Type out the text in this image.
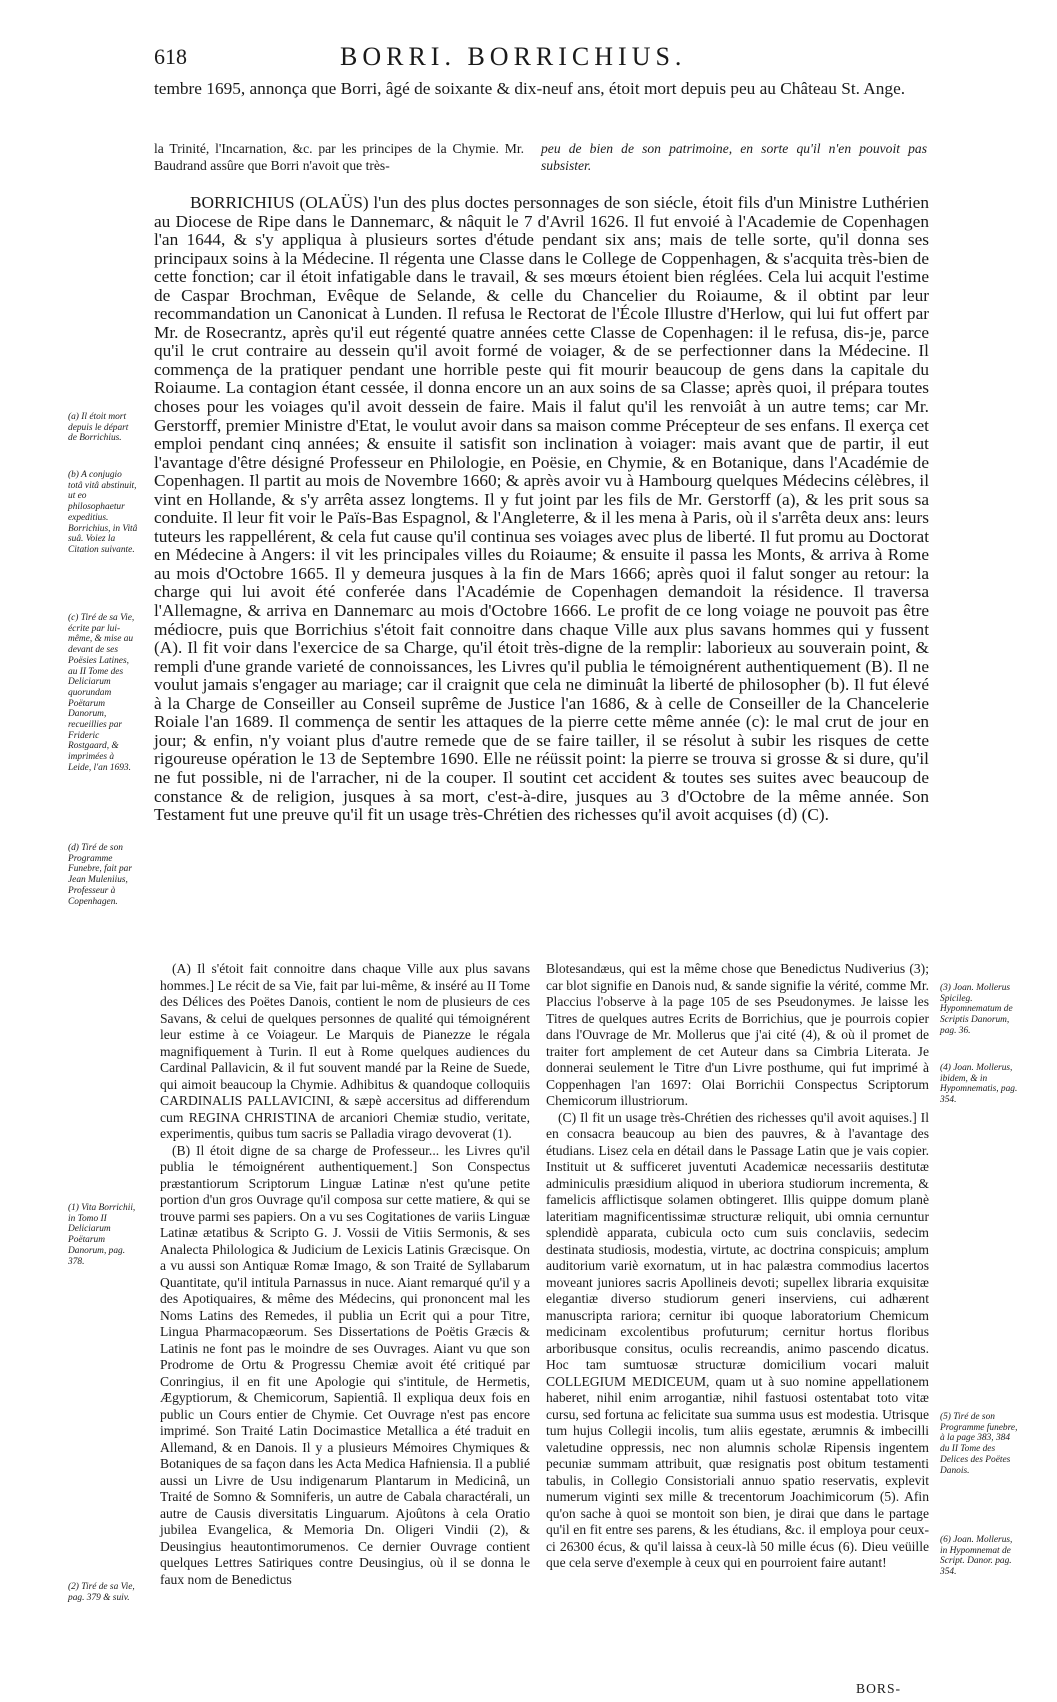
618	BORRI. BORRICHIUS.

tembre 1695, annonça que Borri, âgé de soixante & dix-neuf ans, étoit mort depuis peu au Château St. Ange.

la Trinité, l'Incarnation, &c. par les principes de la Chymie. Mr. Baudrand assûre que Borri n'avoit que très-

peu de bien de son patrimoine, en sorte qu'il n'en pouvoit pas subsister.

BORRICHIUS (OLAÜS) l'un des plus doctes personnages de son siécle, étoit fils d'un Ministre Luthérien au Diocese de Ripe dans le Dannemarc, & nâquit le 7 d'Avril 1626. Il fut envoié à l'Academie de Copenhagen l'an 1644, & s'y appliqua à plusieurs sortes d'étude pendant six ans; mais de telle sorte, qu'il donna ses principaux soins à la Médecine. Il régenta une Classe dans le College de Coppenhagen, & s'acquita très-bien de cette fonction; car il étoit infatigable dans le travail, & ses mœurs étoient bien réglées. Cela lui acquit l'estime de Caspar Brochman, Evêque de Selande, & celle du Chancelier du Roiaume, & il obtint par leur recommandation un Canonicat à Lunden. Il refusa le Rectorat de l'École Illustre d'Herlow, qui lui fut offert par Mr. de Rosecrantz, après qu'il eut régenté quatre années cette Classe de Copenhagen: il le refusa, dis-je, parce qu'il le crut contraire au dessein qu'il avoit formé de voiager, & de se perfectionner dans la Médecine. Il commença de la pratiquer pendant une horrible peste qui fit mourir beaucoup de gens dans la capitale du Roiaume. La contagion étant cessée, il donna encore un an aux soins de sa Classe; après quoi, il prépara toutes choses pour les voiages qu'il avoit dessein de faire. Mais il falut qu'il les renvoiât à un autre tems; car Mr. Gerstorff, premier Ministre d'Etat, le voulut avoir dans sa maison comme Précepteur de ses enfans. Il exerça cet emploi pendant cinq années; & ensuite il satisfit son inclination à voiager: mais avant que de partir, il eut l'avantage d'être désigné Professeur en Philologie, en Poësie, en Chymie, & en Botanique, dans l'Académie de Copenhagen. Il partit au mois de Novembre 1660; & après avoir vu à Hambourg quelques Médecins célèbres, il vint en Hollande, & s'y arrêta assez longtems. Il y fut joint par les fils de Mr. Gerstorff (a), & les prit sous sa conduite. Il leur fit voir le Païs-Bas Espagnol, & l'Angleterre, & il les mena à Paris, où il s'arrêta deux ans: leurs tuteurs les rappellérent, & cela fut cause qu'il continua ses voiages avec plus de liberté. Il fut promu au Doctorat en Médecine à Angers: il vit les principales villes du Roiaume; & ensuite il passa les Monts, & arriva à Rome au mois d'Octobre 1665. Il y demeura jusques à la fin de Mars 1666; après quoi il falut songer au retour: la charge qui lui avoit été conferée dans l'Académie de Copenhagen demandoit la résidence. Il traversa l'Allemagne, & arriva en Dannemarc au mois d'Octobre 1666. Le profit de ce long voiage ne pouvoit pas être médiocre, puis que Borrichius s'étoit fait connoitre dans chaque Ville aux plus savans hommes qui y fussent (A). Il fit voir dans l'exercice de sa Charge, qu'il étoit très-digne de la remplir: laborieux au souverain point, & rempli d'une grande varieté de connoissances, les Livres qu'il publia le témoignérent authentiquement (B). Il ne voulut jamais s'engager au mariage; car il craignit que cela ne diminuât la liberté de philosopher (b). Il fut élevé à la Charge de Conseiller au Conseil suprême de Justice l'an 1686, & à celle de Conseiller de la Chancelerie Roiale l'an 1689. Il commença de sentir les attaques de la pierre cette même année (c): le mal crut de jour en jour; & enfin, n'y voiant plus d'autre remede que de se faire tailler, il se résolut à subir les risques de cette rigoureuse opération le 13 de Septembre 1690. Elle ne réüssit point: la pierre se trouva si grosse & si dure, qu'il ne fut possible, ni de l'arracher, ni de la couper. Il soutint cet accident & toutes ses suites avec beaucoup de constance & de religion, jusques à sa mort, c'est-à-dire, jusques au 3 d'Octobre de la même année. Son Testament fut une preuve qu'il fit un usage très-Chrétien des richesses qu'il avoit acquises (d) (C).

(a) Il étoit mort depuis le départ de Borrichius.
(b) A conjugio totâ vitâ abstinuit, ut eo philosophaetur expeditius. Borrichius, in Vitâ suâ. Voiez la Citation suivante.
(c) Tiré de sa Vie, écrite par lui-même, & mise au devant de ses Poësies Latines, au II Tome des Deliciarum quorundam Poëtarum Danorum, recueillies par Frideric Rostgaard, & imprimées à Leide, l'an 1693.
(d) Tiré de son Programme Funebre, fait par Jean Muleniius, Professeur à Copenhagen.
(1) Vita Borrichii, in Tomo II Deliciarum Poëtarum Danorum, pag. 378.
(2) Tiré de sa Vie, pag. 379 & suiv.
(3) Joan. Mollerus Spicileg. Hypomnematum de Scriptis Danorum, pag. 36.
(4) Joan. Mollerus, ibidem, & in Hypomnematis, pag. 354.
(5) Tiré de son Programme funebre, à la page 383, 384 du II Tome des Delices des Poëtes Danois.
(6) Joan. Mollerus, in Hypomnemat de Script. Danor. pag. 354.

(A) Il s'étoit fait connoitre dans chaque Ville aux plus savans hommes.] Le récit de sa Vie, fait par lui-même, & inséré au II Tome des Délices des Poëtes Danois, contient le nom de plusieurs de ces Savans, & celui de quelques personnes de qualité qui témoignérent leur estime à ce Voiageur. Le Marquis de Pianezze le régala magnifiquement à Turin. Il eut à Rome quelques audiences du Cardinal Pallavicin, & il fut souvent mandé par la Reine de Suede, qui aimoit beaucoup la Chymie. Adhibitus & quandoque colloquiis CARDINALIS PALLAVICINI, & sæpè accersitus ad differendum cum REGINA CHRISTINA de arcaniori Chemiæ studio, veritate, experimentis, quibus tum sacris se Palladia virago devoverat (1).

(B) Il étoit digne de sa charge de Professeur... les Livres qu'il publia le témoignérent authentiquement.] Son Conspectus præstantiorum Scriptorum Linguæ Latinæ n'est qu'une petite portion d'un gros Ouvrage qu'il composa sur cette matiere, & qui se trouve parmi ses papiers. On a vu ses Cogitationes de variis Linguæ Latinæ ætatibus & Scripto G. J. Vossii de Vitiis Sermonis, & ses Analecta Philologica & Judicium de Lexicis Latinis Græcisque. On a vu aussi son Antiquæ Romæ Imago, & son Traité de Syllabarum Quantitate, qu'il intitula Parnassus in nuce. Aiant remarqué qu'il y a des Apotiquaires, & même des Médecins, qui prononcent mal les Noms Latins des Remedes, il publia un Ecrit qui a pour Titre, Lingua Pharmacopæorum. Ses Dissertations de Poëtis Græcis & Latinis ne font pas le moindre de ses Ouvrages. Aiant vu que son Prodrome de Ortu & Progressu Chemiæ avoit été critiqué par Conringius, il en fit une Apologie qui s'intitule, de Hermetis, Ægyptiorum, & Chemicorum, Sapientiâ. Il expliqua deux fois en public un Cours entier de Chymie. Cet Ouvrage n'est pas encore imprimé. Son Traité Latin Docimastice Metallica a été traduit en Allemand, & en Danois. Il y a plusieurs Mémoires Chymiques & Botaniques de sa façon dans les Acta Medica Hafniensia. Il a publié aussi un Livre de Usu indigenarum Plantarum in Medicinâ, un Traité de Somno & Somniferis, un autre de Cabala charactérali, un autre de Causis diversitatis Linguarum. Ajoûtons à cela Oratio jubilea Evangelica, & Memoria Dn. Oligeri Vindii (2), & Deusingius heautontimorumenos. Ce dernier Ouvrage contient quelques Lettres Satiriques contre Deusingius, où il se donna le faux nom de Benedictus

Blotesandæus, qui est la même chose que Benedictus Nudiverius (3); car blot signifie en Danois nud, & sande signifie la vérité, comme Mr. Placcius l'observe à la page 105 de ses Pseudonymes. Je laisse les Titres de quelques autres Ecrits de Borrichius, que je pourrois copier dans l'Ouvrage de Mr. Mollerus que j'ai cité (4), & où il promet de traiter fort amplement de cet Auteur dans sa Cimbria Literata. Je donnerai seulement le Titre d'un Livre posthume, qui fut imprimé à Coppenhagen l'an 1697: Olai Borrichii Conspectus Scriptorum Chemicorum illustriorum.

(C) Il fit un usage très-Chrétien des richesses qu'il avoit aquises.] Il en consacra beaucoup au bien des pauvres, & à l'avantage des étudians. Lisez cela en détail dans le Passage Latin que je vais copier. Instituit ut & sufficeret juventuti Academicæ necessariis destitutæ adminiculis præsidium aliquod in uberiora studiorum incrementa, & famelicis afflictisque solamen obtingeret. Illis quippe domum planè lateritiam magnificentissimæ structuræ reliquit, ubi omnia cernuntur splendidè apparata, cubicula octo cum suis conclaviis, sedecim destinata studiosis, modestia, virtute, ac doctrina conspicuis; amplum auditorium variè exornatum, ut in hac palæstra commodius lacertos moveant juniores sacris Apollineis devoti; supellex libraria exquisitæ elegantiæ diverso studiorum generi inserviens, cui adhærent manuscripta rariora; cernitur ibi quoque laboratorium Chemicum medicinam excolentibus profuturum; cernitur hortus floribus arboribusque consitus, oculis recreandis, animo pascendo dicatus. Hoc tam sumtuosæ structuræ domicilium vocari maluit COLLEGIUM MEDICEUM, quam ut à suo nomine appellationem haberet, nihil enim arrogantiæ, nihil fastuosi ostentabat toto vitæ cursu, sed fortuna ac felicitate sua summa usus est modestia. Utrisque tum hujus Collegii incolis, tum aliis egestate, ærumnis & imbecilli valetudine oppressis, nec non alumnis scholæ Ripensis ingentem pecuniæ summam attribuit, quæ resignatis post obitum testamenti tabulis, in Collegio Consistoriali annuo spatio reservatis, explevit numerum viginti sex mille & trecentorum Joachimicorum (5). Afin qu'on sache à quoi se montoit son bien, je dirai que dans le partage qu'il en fit entre ses parens, & les étudians, &c. il employa pour ceux-ci 26300 écus, & qu'il laissa à ceux-là 50 mille écus (6). Dieu veüille que cela serve d'exemple à ceux qui en pourroient faire autant!

BORS-
